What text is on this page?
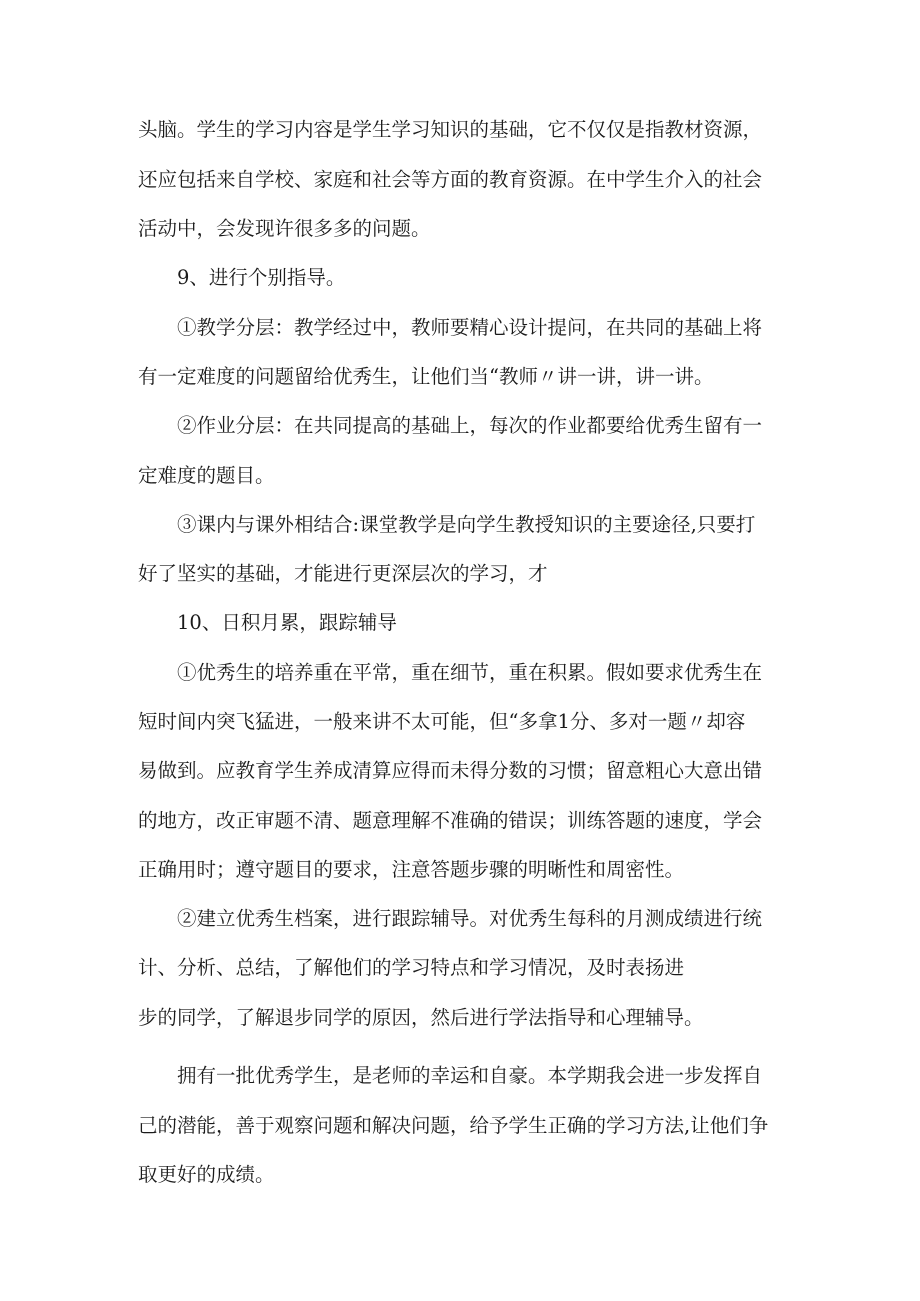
头脑。学生的学习内容是学生学习知识的基础，它不仅仅是指教材资源，

还应包括来自学校、家庭和社会等方面的教育资源。在中学生介入的社会

活动中，会发现许很多多的问题。

9、进行个别指导。

①教学分层：教学经过中，教师要精心设计提问，在共同的基础上将

有一定难度的问题留给优秀生，让他们当“教师〃讲一讲，讲一讲。

②作业分层：在共同提高的基础上，每次的作业都要给优秀生留有一

定难度的题目。

③课内与课外相结合:课堂教学是向学生教授知识的主要途径,只要打

好了坚实的基础，才能进行更深层次的学习，才

10、日积月累，跟踪辅导

①优秀生的培养重在平常，重在细节，重在积累。假如要求优秀生在

短时间内突飞猛进，一般来讲不太可能，但“多拿1分、多对一题〃却容

易做到。应教育学生养成清算应得而未得分数的习惯；留意粗心大意出错

的地方，改正审题不清、题意理解不准确的错误；训练答题的速度，学会

正确用时；遵守题目的要求，注意答题步骤的明晰性和周密性。

②建立优秀生档案，进行跟踪辅导。对优秀生每科的月测成绩进行统

计、分析、总结，了解他们的学习特点和学习情况，及时表扬进

步的同学，了解退步同学的原因，然后进行学法指导和心理辅导。

拥有一批优秀学生，是老师的幸运和自豪。本学期我会进一步发挥自

己的潜能，善于观察问题和解决问题，给予学生正确的学习方法,让他们争

取更好的成绩。
